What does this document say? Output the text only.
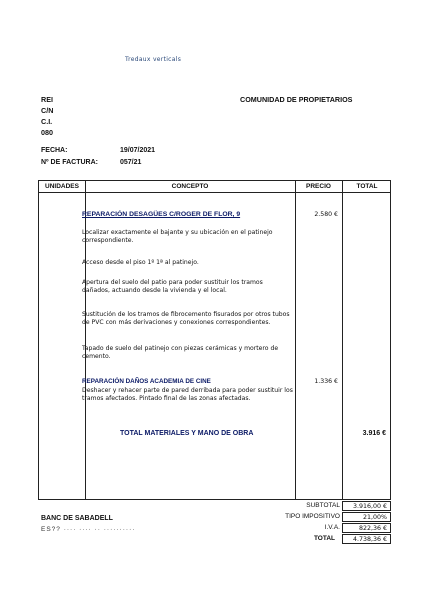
Tredaux verticals
REI
C/N
C.I.
080
COMUNIDAD DE PROPIETARIOS
FECHA:	19/07/2021
Nº DE FACTURA:	057/21
UNIDADES	CONCEPTO	PRECIO	TOTAL
REPARACIÓN DESAGÜES C/ROGER DE FLOR, 9	2.580 €
Localizar exactamente el bajante y su ubicación en el patinejo correspondiente.
Acceso desde el piso 1º 1ª al patinejo.
Apertura del suelo del patio para poder sustituir los tramos dañados, actuando desde la vivienda y el local.
Sustitución de los tramos de fibrocemento fisurados por otros tubos de PVC con más derivaciones y conexiones correspondientes.
Tapado de suelo del patinejo con piezas cerámicas y mortero de cemento.
REPARACIÓN DAÑOS ACADEMIA DE CINE	1.336 €
Deshacer y rehacer parte de pared derribada para poder sustituir los tramos afectados. Pintado final de las zonas afectadas.
TOTAL MATERIALES Y MANO DE OBRA	3.916 €
SUBTOTAL	3.916,00 €
TIPO IMPOSITIVO	21,00%
I.V.A.	822,36 €
TOTAL	4.738,36 €
BANC DE SABADELL
ES?? ···· ···· ·· ··········
